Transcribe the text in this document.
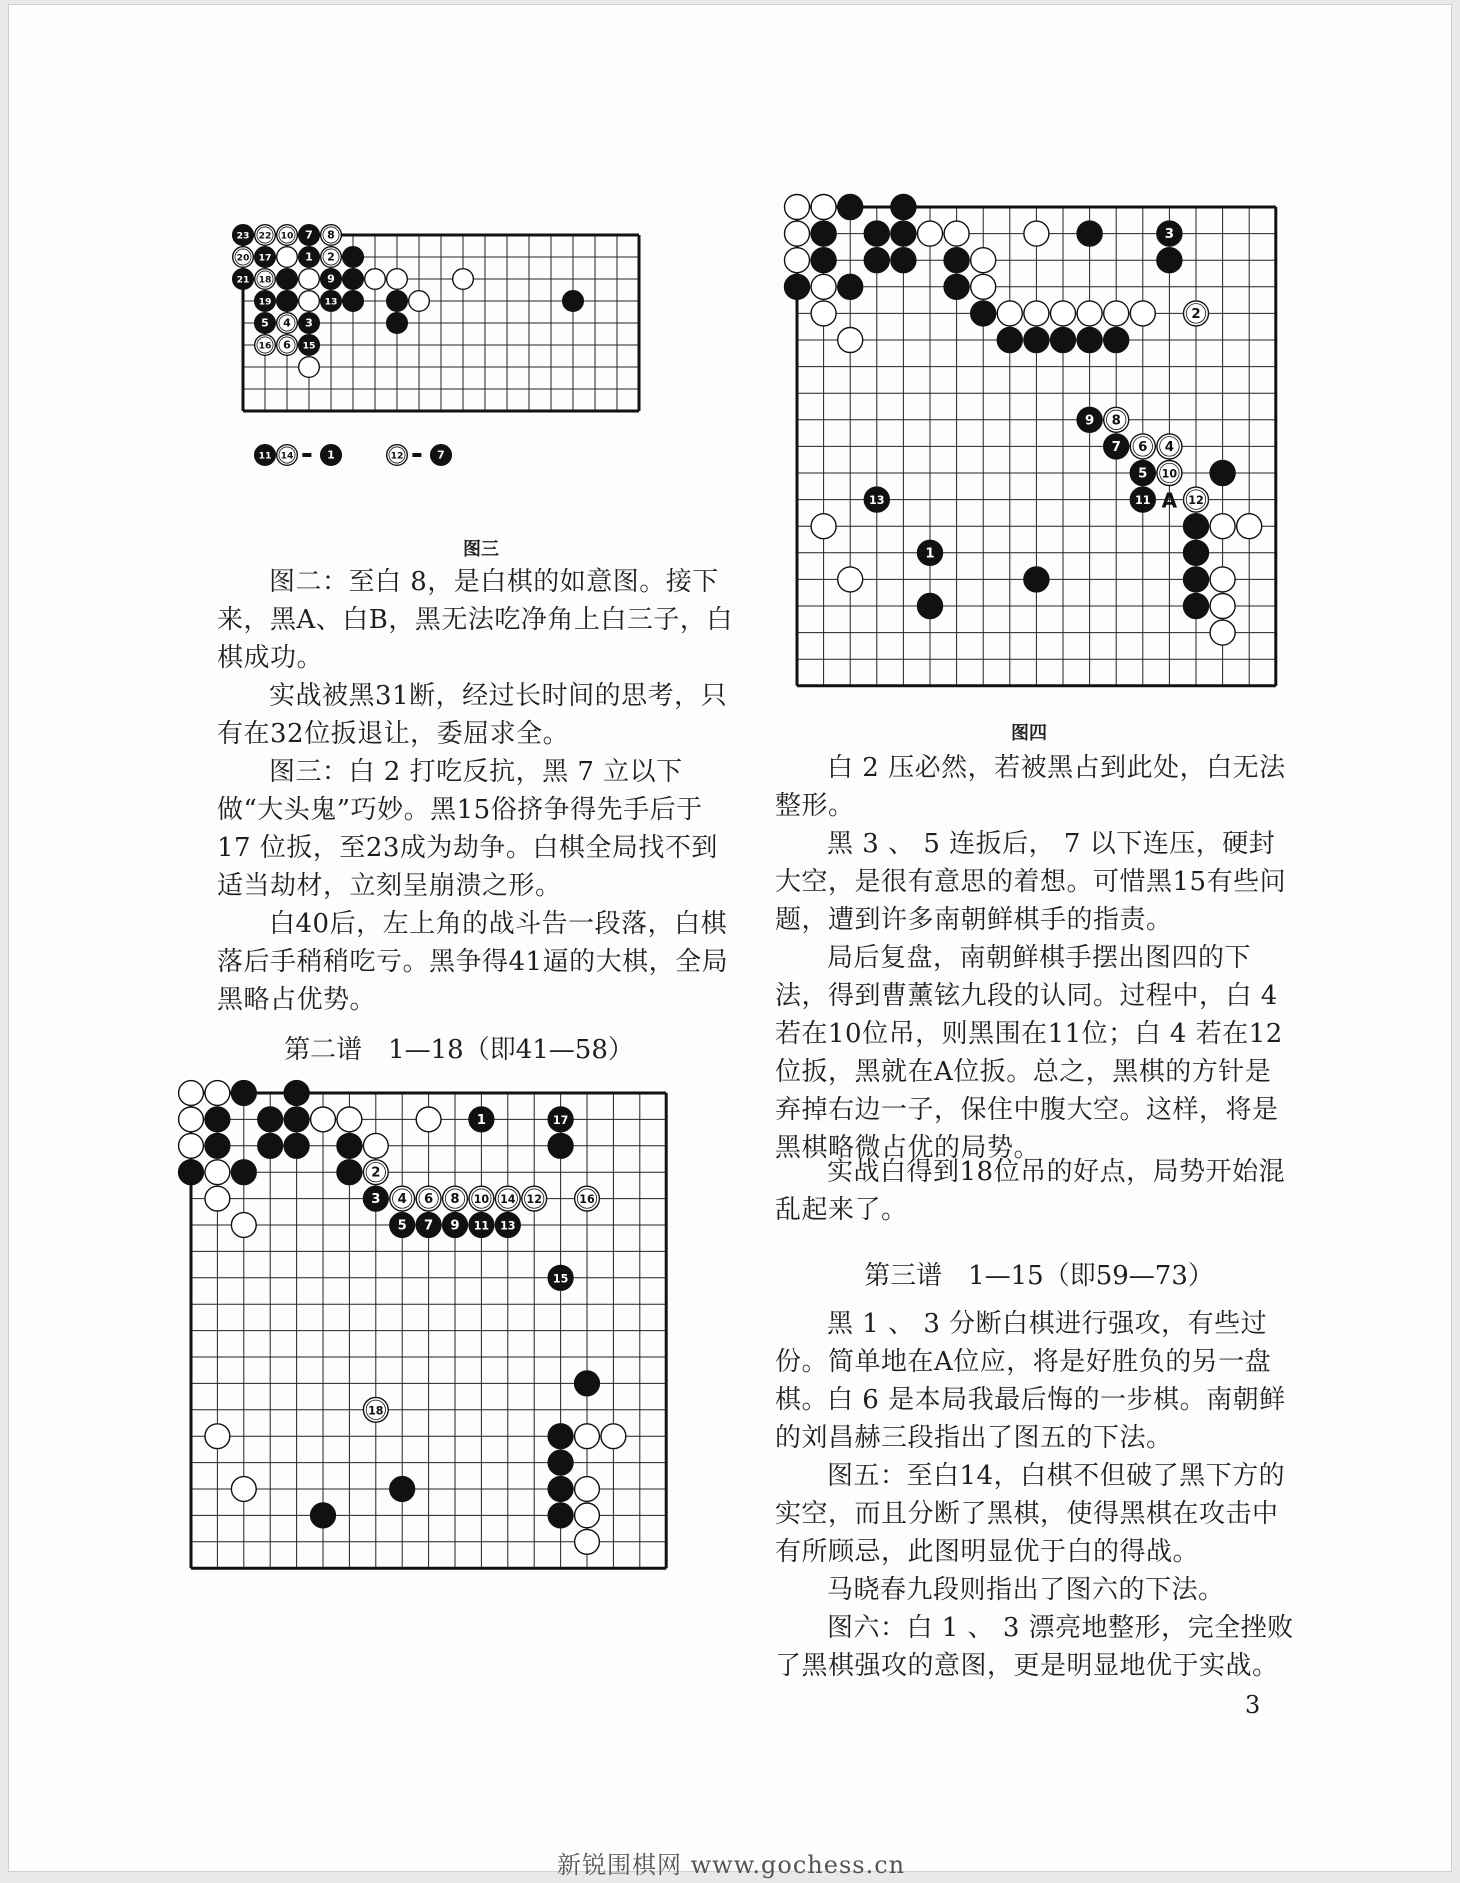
23 22 10 7 8
20 17	1 2
21 18	9
19	13
5 4 3
16 6 15
11 14	1	12	7
图三

图二：至白 8，是白棋的如意图。接下来，黑A、白B，黑无法吃净角上白三子，白棋成功。

实战被黑31断，经过长时间的思考，只有在32位扳退让，委屈求全。

图三：白 2 打吃反抗，黑 7 立以下做“大头鬼”巧妙。黑15俗挤争得先手后于 17 位扳，至23成为劫争。白棋全局找不到适当劫材，立刻呈崩溃之形。

白40后，左上角的战斗告一段落，白棋落后手稍稍吃亏。黑争得41逼的大棋，全局黑略占优势。

第二谱　1—18（即41—58）
1	17
2
3 4 6 8 10 14 12	16
5 7 9 11 13
15
18
3
2
9 8
7 6 4
5 10
13	11	12
1
A
图四

白 2 压必然，若被黑占到此处，白无法整形。

黑 3 、 5 连扳后， 7 以下连压，硬封大空，是很有意思的着想。可惜黑15有些问题，遭到许多南朝鲜棋手的指责。

局后复盘，南朝鲜棋手摆出图四的下法，得到曹薰铉九段的认同。过程中，白 4 若在10位吊，则黑围在11位；白 4 若在12位扳，黑就在A位扳。总之，黑棋的方针是弃掉右边一子，保住中腹大空。这样，将是黑棋略微占优的局势。

实战白得到18位吊的好点，局势开始混乱起来了。

第三谱　1—15（即59—73）

黑 1 、 3 分断白棋进行强攻，有些过份。简单地在A位应，将是好胜负的另一盘棋。

白 6 是本局我最后悔的一步棋。南朝鲜的刘昌赫三段指出了图五的下法。

图五：至白14，白棋不但破了黑下方的实空，而且分断了黑棋，使得黑棋在攻击中有所顾忌，此图明显优于白的得战。

马晓春九段则指出了图六的下法。

图六：白 1 、 3 漂亮地整形，完全挫败了黑棋强攻的意图，更是明显地优于实战。

3
新锐围棋网 www.gochess.cn
